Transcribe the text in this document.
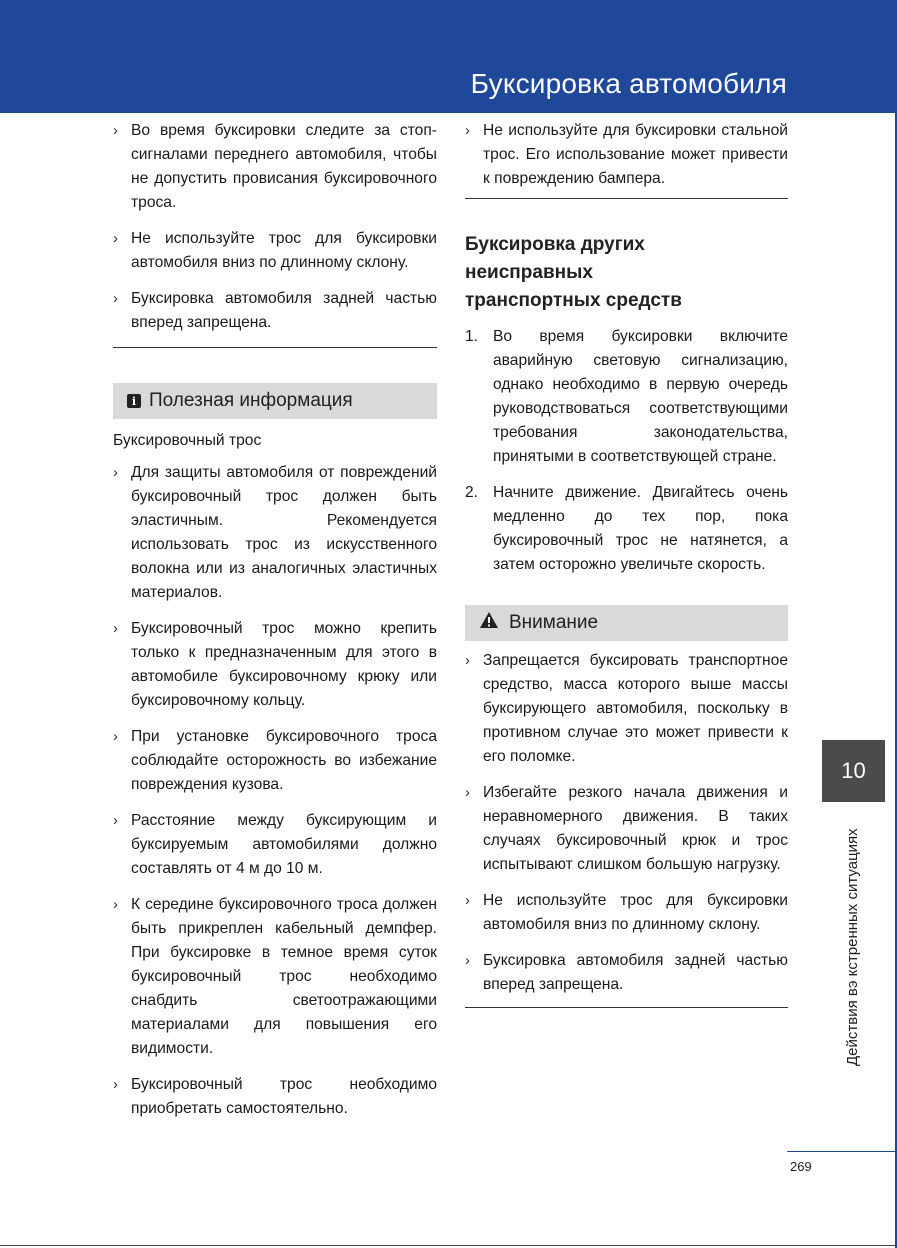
Буксировка автомобиля
› Во время буксировки следите за стоп-сигналами переднего автомобиля, чтобы не допустить провисания буксировочного троса.
› Не используйте трос для буксировки автомобиля вниз по длинному склону.
› Буксировка автомобиля задней частью вперед запрещена.
i Полезная информация
Буксировочный трос
› Для защиты автомобиля от повреждений буксировочный трос должен быть эластичным. Рекомендуется использовать трос из искусственного волокна или из аналогичных эластичных материалов.
› Буксировочный трос можно крепить только к предназначенным для этого в автомобиле буксировочному крюку или буксировочному кольцу.
› При установке буксировочного троса соблюдайте осторожность во избежание повреждения кузова.
› Расстояние между буксирующим и буксируемым автомобилями должно составлять от 4 м до 10 м.
› К середине буксировочного троса должен быть прикреплен кабельный демпфер. При буксировке в темное время суток буксировочный трос необходимо снабдить светоотражающими материалами для повышения его видимости.
› Буксировочный трос необходимо приобретать самостоятельно.
› Не используйте для буксировки стальной трос. Его использование может привести к повреждению бампера.
Буксировка других
неисправных
транспортных средств
1. Во время буксировки включите аварийную световую сигнализацию, однако необходимо в первую очередь руководствоваться соответствующими требования законодательства, принятыми в соответствующей стране.
2. Начните движение. Двигайтесь очень медленно до тех пор, пока буксировочный трос не натянется, а затем осторожно увеличьте скорость.
Внимание
› Запрещается буксировать транспортное средство, масса которого выше массы буксирующего автомобиля, поскольку в противном случае это может привести к его поломке.
› Избегайте резкого начала движения и неравномерного движения. В таких случаях буксировочный крюк и трос испытывают слишком большую нагрузку.
› Не используйте трос для буксировки автомобиля вниз по длинному склону.
› Буксировка автомобиля задней частью вперед запрещена.
10
Действия вэ кстренных ситуациях
269
